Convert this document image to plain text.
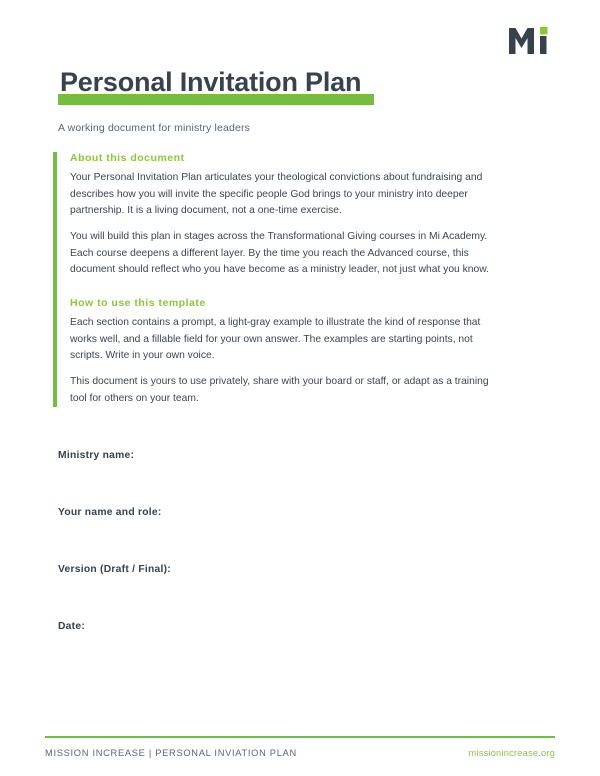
Personal Invitation Plan

A working document for ministry leaders

About this document

Your Personal Invitation Plan articulates your theological convictions about fundraising and describes how you will invite the specific people God brings to your ministry into deeper partnership. It is a living document, not a one-time exercise.

You will build this plan in stages across the Transformational Giving courses in Mi Academy. Each course deepens a different layer. By the time you reach the Advanced course, this document should reflect who you have become as a ministry leader, not just what you know.

How to use this template

Each section contains a prompt, a light-gray example to illustrate the kind of response that works well, and a fillable field for your own answer. The examples are starting points, not scripts. Write in your own voice.

This document is yours to use privately, share with your board or staff, or adapt as a training tool for others on your team.

Ministry name:

Your name and role:

Version (Draft / Final):

Date:

MISSION INCREASE | PERSONAL INVIATION PLAN	missionincrease.org
